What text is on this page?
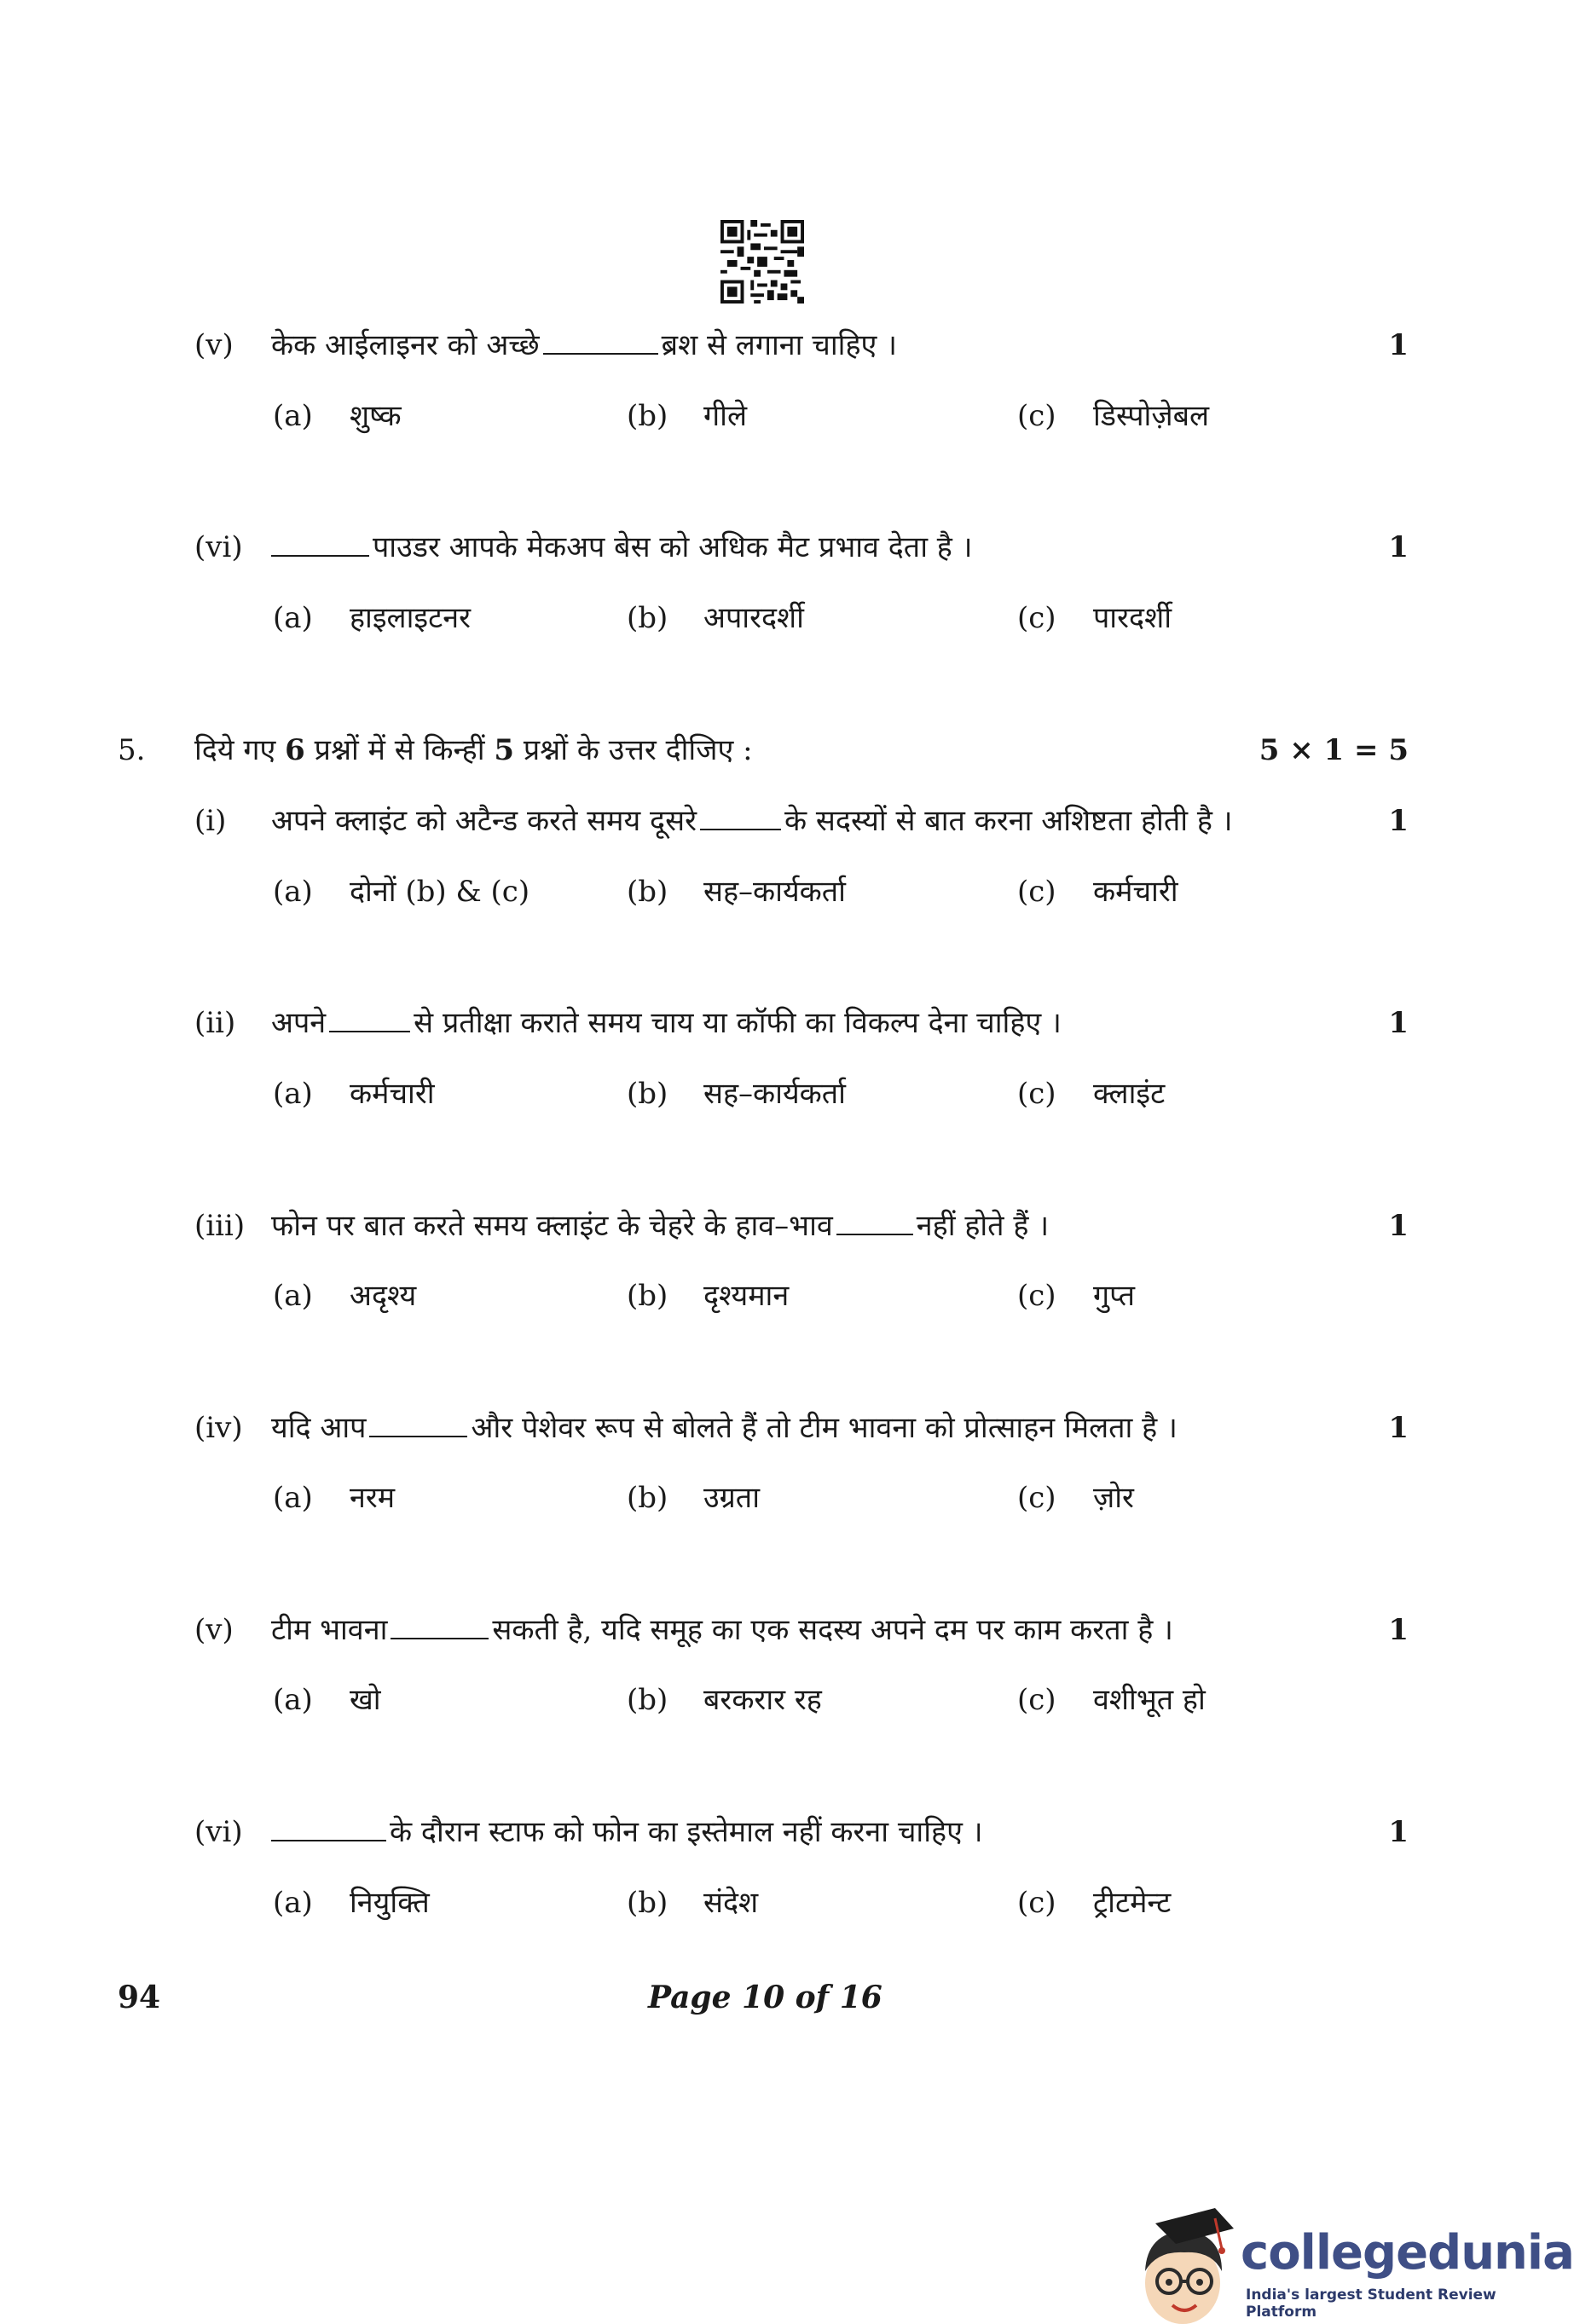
(v) केक आईलाइनर को अच्छे	ब्रश से लगाना चाहिए ।	1
(a) शुष्क	(b) गीले	(c) डिस्पोज़ेबल
(vi)	पाउडर आपके मेकअप बेस को अधिक मैट प्रभाव देता है ।	1
(a) हाइलाइटनर	(b) अपारदर्शी	(c) पारदर्शी
5. दिये गए 6 प्रश्नों में से किन्हीं 5 प्रश्नों के उत्तर दीजिए :	5 × 1 = 5
(i) अपने क्लाइंट को अटैन्ड करते समय दूसरे	के सदस्यों से बात करना अशिष्टता होती है ।	1
(a) दोनों (b) & (c)	(b) सह–कार्यकर्ता	(c) कर्मचारी
(ii) अपने	से प्रतीक्षा कराते समय चाय या कॉफी का विकल्प देना चाहिए ।	1
(a) कर्मचारी	(b) सह–कार्यकर्ता	(c) क्लाइंट
(iii) फोन पर बात करते समय क्लाइंट के चेहरे के हाव–भाव	नहीं होते हैं ।	1
(a) अदृश्य	(b) दृश्यमान	(c) गुप्त
(iv) यदि आप	और पेशेवर रूप से बोलते हैं तो टीम भावना को प्रोत्साहन मिलता है ।	1
(a) नरम	(b) उग्रता	(c) ज़ोर
(v) टीम भावना	सकती है, यदि समूह का एक सदस्य अपने दम पर काम करता है ।	1
(a) खो	(b) बरकरार रह	(c) वशीभूत हो
(vi)	के दौरान स्टाफ को फोन का इस्तेमाल नहीं करना चाहिए ।	1
(a) नियुक्ति	(b) संदेश	(c) ट्रीटमेन्ट
94	Page 10 of 16
collegedunia
India's largest Student Review Platform
